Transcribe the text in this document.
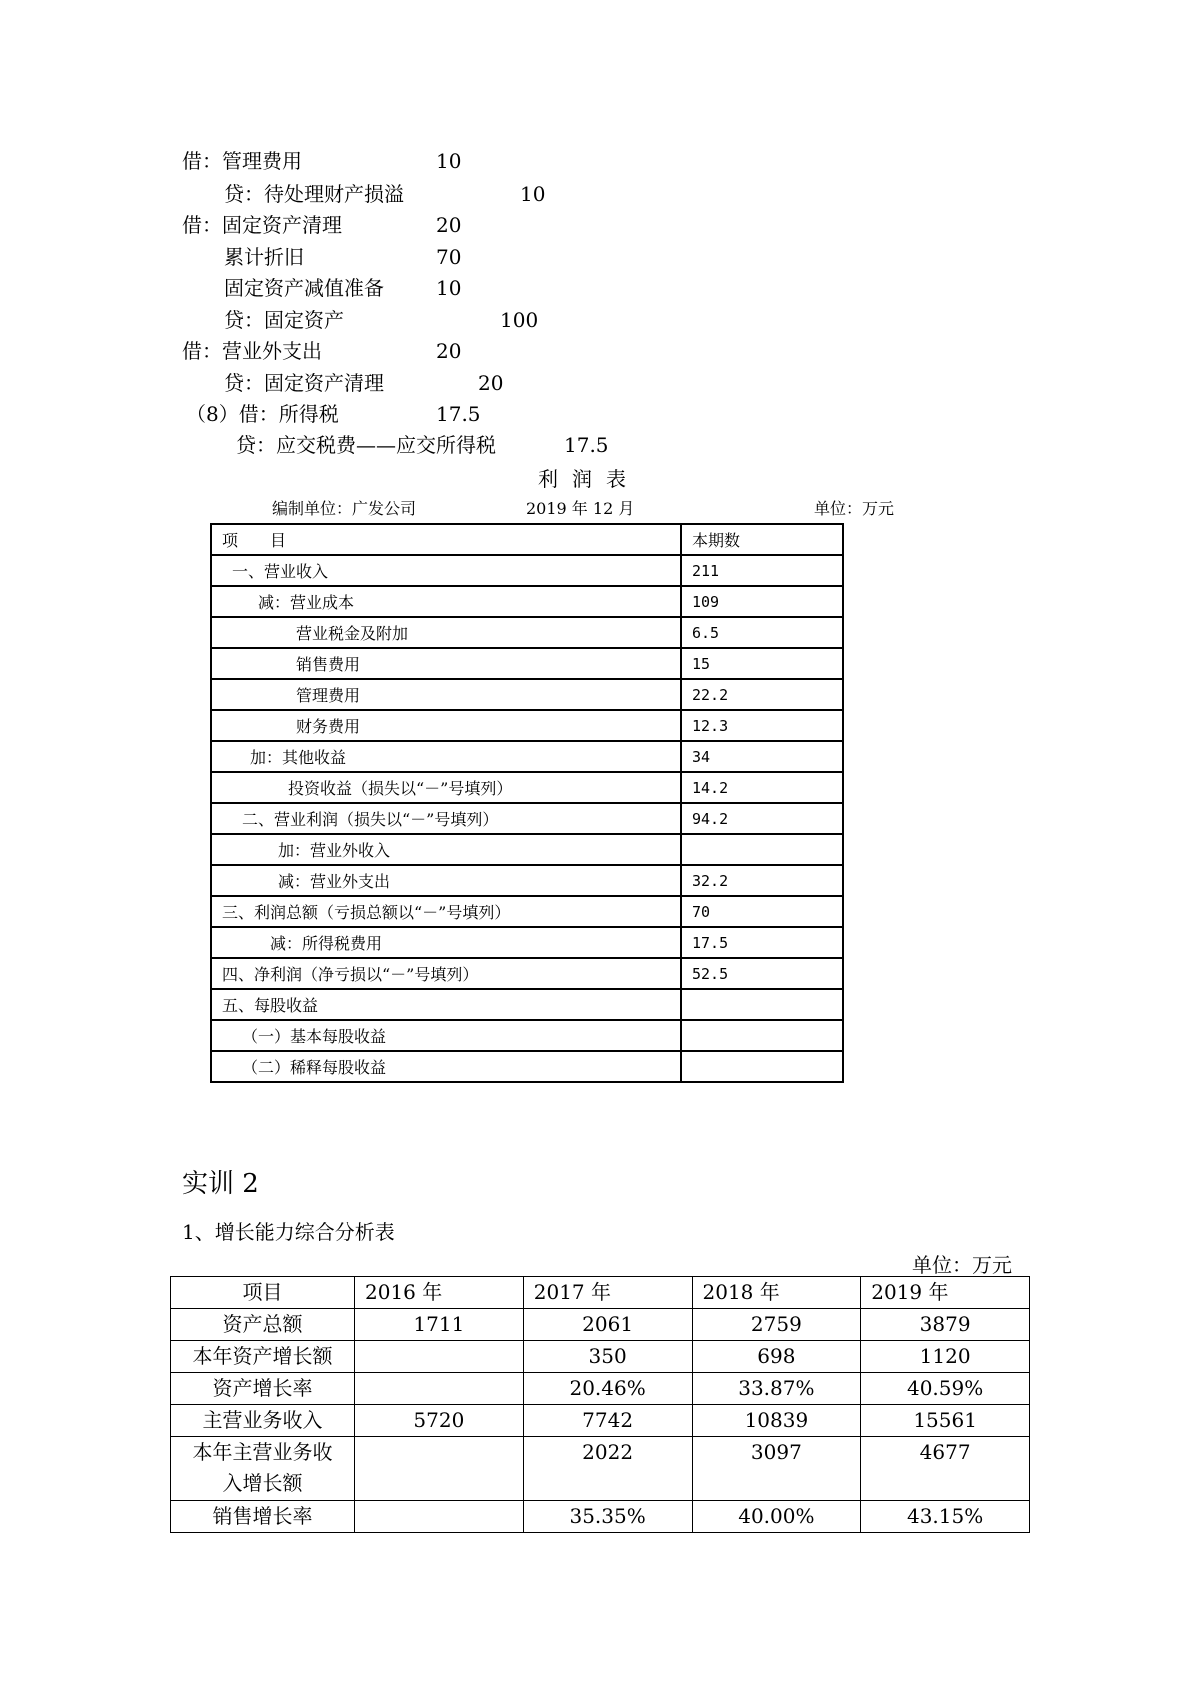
借：管理费用	10
贷：待处理财产损溢	10
借：固定资产清理	20
累计折旧	70
固定资产减值准备	10
贷：固定资产	100
借：营业外支出	20
贷：固定资产清理	20
（8）借：所得税	17.5
贷：应交税费——应交所得税	17.5
利润表
编制单位：广发公司	2019 年 12 月	单位：万元
项　　目	本期数
一、营业收入	211
减：营业成本	109
营业税金及附加	6.5
销售费用	15
管理费用	22.2
财务费用	12.3
加：其他收益	34
投资收益（损失以“－”号填列）	14.2
二、营业利润（损失以“－”号填列）	94.2
加：营业外收入	
减：营业外支出	32.2
三、利润总额（亏损总额以“－”号填列）	70
减：所得税费用	17.5
四、净利润（净亏损以“－”号填列）	52.5
五、每股收益	
（一）基本每股收益	
（二）稀释每股收益	
实训 2
1、增长能力综合分析表
单位：万元
项目	2016 年	2017 年	2018 年	2019 年
资产总额	1711	2061	2759	3879
本年资产增长额		350	698	1120
资产增长率		20.46%	33.87%	40.59%
主营业务收入	5720	7742	10839	15561
本年主营业务收入增长额		2022	3097	4677
销售增长率		35.35%	40.00%	43.15%
